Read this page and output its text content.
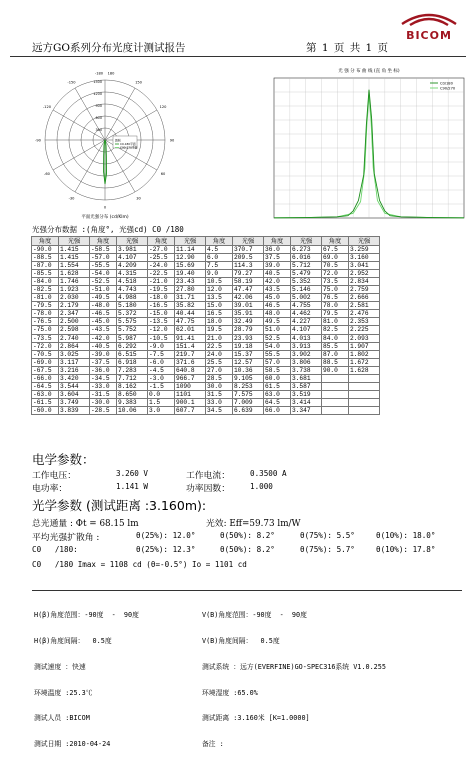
BICOM
远方GO系列分布光度计测试报告	第 1 页 共 1 页
1500
1200
900
600
300
0
-30	30
-60	60
-90	90
-120	120
-150	150
-180 180
图例
C0-180平面
C90-270平面
平面光强分布 (cd/Klm)
光 强 分 布 曲 线 (直 角 坐 标)
C0/180
C90/270
光强分布数据 :(角度°, 光强cd) C0 /180
角度	光强	角度	光强	角度	光强	角度	光强	角度	光强	角度	光强
-90.0	1.415	-58.5	3.981	-27.0	11.14	4.5	370.7	36.0	6.273	67.5	3.259
-88.5	1.415	-57.0	4.107	-25.5	12.90	6.0	209.5	37.5	6.016	69.0	3.160
-87.0	1.554	-55.5	4.209	-24.0	15.69	7.5	114.3	39.0	5.712	70.5	3.041
-85.5	1.628	-54.0	4.315	-22.5	19.40	9.0	79.27	40.5	5.479	72.0	2.952
-84.0	1.746	-52.5	4.518	-21.0	23.43	10.5	58.19	42.0	5.352	73.5	2.834
-82.5	1.923	-51.0	4.743	-19.5	27.80	12.0	47.47	43.5	5.146	75.0	2.759
-81.0	2.030	-49.5	4.988	-18.0	31.71	13.5	42.06	45.0	5.002	76.5	2.666
-79.5	2.179	-48.0	5.180	-16.5	35.82	15.0	39.01	46.5	4.755	78.0	2.581
-78.0	2.347	-46.5	5.372	-15.0	40.44	16.5	35.91	48.0	4.462	79.5	2.476
-76.5	2.500	-45.0	5.575	-13.5	47.75	18.0	32.49	49.5	4.227	81.0	2.353
-75.0	2.598	-43.5	5.752	-12.0	62.01	19.5	28.79	51.0	4.107	82.5	2.225
-73.5	2.740	-42.0	5.987	-10.5	91.41	21.0	23.93	52.5	4.013	84.0	2.093
-72.0	2.864	-40.5	6.292	-9.0	151.4	22.5	19.18	54.0	3.913	85.5	1.907
-70.5	3.025	-39.0	6.515	-7.5	219.7	24.0	15.37	55.5	3.902	87.0	1.802
-69.0	3.117	-37.5	6.918	-6.0	371.6	25.5	12.57	57.0	3.806	88.5	1.672
-67.5	3.216	-36.0	7.283	-4.5	640.8	27.0	10.36	58.5	3.738	90.0	1.628
-66.0	3.420	-34.5	7.712	-3.0	966.7	28.5	9.105	60.0	3.681		
-64.5	3.544	-33.0	8.162	-1.5	1090	30.0	8.253	61.5	3.587		
-63.0	3.604	-31.5	8.650	0.0	1101	31.5	7.575	63.0	3.519		
-61.5	3.749	-30.0	9.383	1.5	900.1	33.0	7.009	64.5	3.414		
-60.0	3.839	-28.5	10.06	3.0	607.7	34.5	6.639	66.0	3.347		
电学参数：
工作电压：	3.260 V	工作电流：	0.3500 A
电功率：	1.141 W	功率因数：	1.000
光学参数 (测试距离 :3.160m):
总光通量 : Φt = 68.15 lm	光效: Eff=59.73 lm/W
平均光强扩散角 :	θ(25%): 12.0°	θ(50%): 8.2°	θ(75%): 5.5°	θ(10%): 18.0°
C0   /180:	θ(25%): 12.3°	θ(50%): 8.2°	θ(75%): 5.7°	θ(10%): 17.8°
C0   /180 Imax = 1108 cd (θ=-0.5°) Io = 1101 cd

H(β)角度范围：-90度  -  90度

H(β)角度间隔：  0.5度

测试速度 ：快速

环境温度 :25.3℃

测试人员 :BICOM

测试日期 :2010-04-24

V(B)角度范围：-90度  -  90度

V(B)角度间隔：  0.5度

测试系统 ：远方(EVERFINE)GO-SPEC316系统 V1.0.255

环境湿度 :65.0%

测试距离 :3.160米 [K=1.0000]

备注 :
